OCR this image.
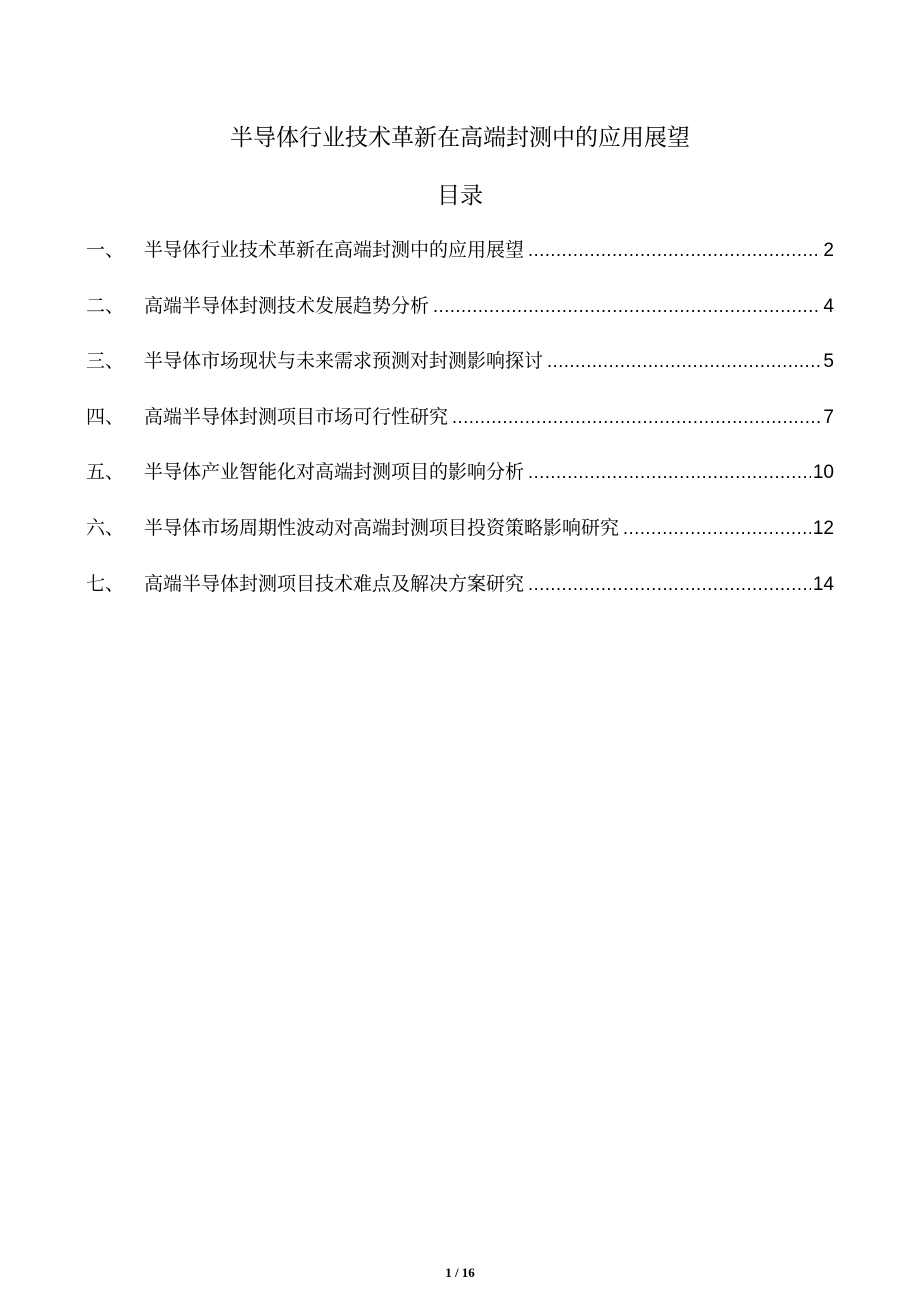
半导体行业技术革新在高端封测中的应用展望
目录
一、	半导体行业技术革新在高端封测中的应用展望 .....	2
二、	高端半导体封测技术发展趋势分析 .....	4
三、	半导体市场现状与未来需求预测对封测影响探讨 .....	5
四、	高端半导体封测项目市场可行性研究 .....	7
五、	半导体产业智能化对高端封测项目的影响分析 .....	10
六、	半导体市场周期性波动对高端封测项目投资策略影响研究 .....	12
七、	高端半导体封测项目技术难点及解决方案研究 .....	14
1 / 16
